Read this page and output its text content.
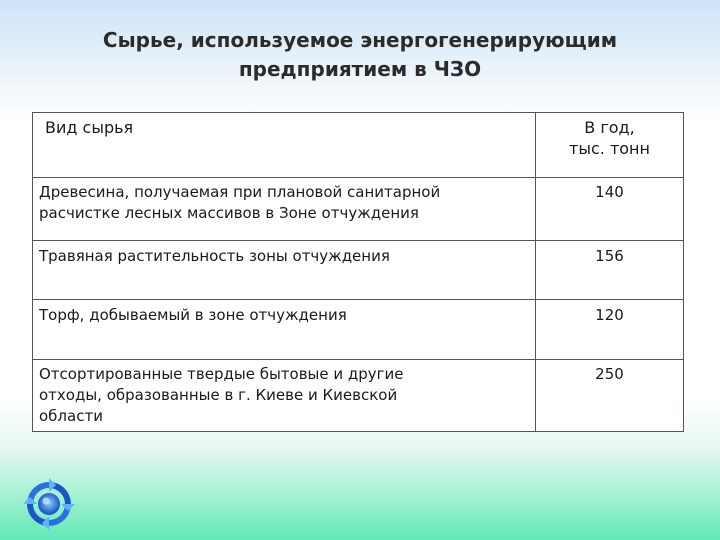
Сырье, используемое энергогенерирующим
предприятием в ЧЗО
Вид сырья	В год,
тыс. тонн

Древесина, получаемая при плановой санитарной
расчистке лесных массивов в Зоне отчуждения	140

Травяная растительность зоны отчуждения	156

Торф, добываемый в зоне отчуждения	120

Отсортированные твердые бытовые и другие
отходы, образованные в г. Киеве и Киевской
области	250
